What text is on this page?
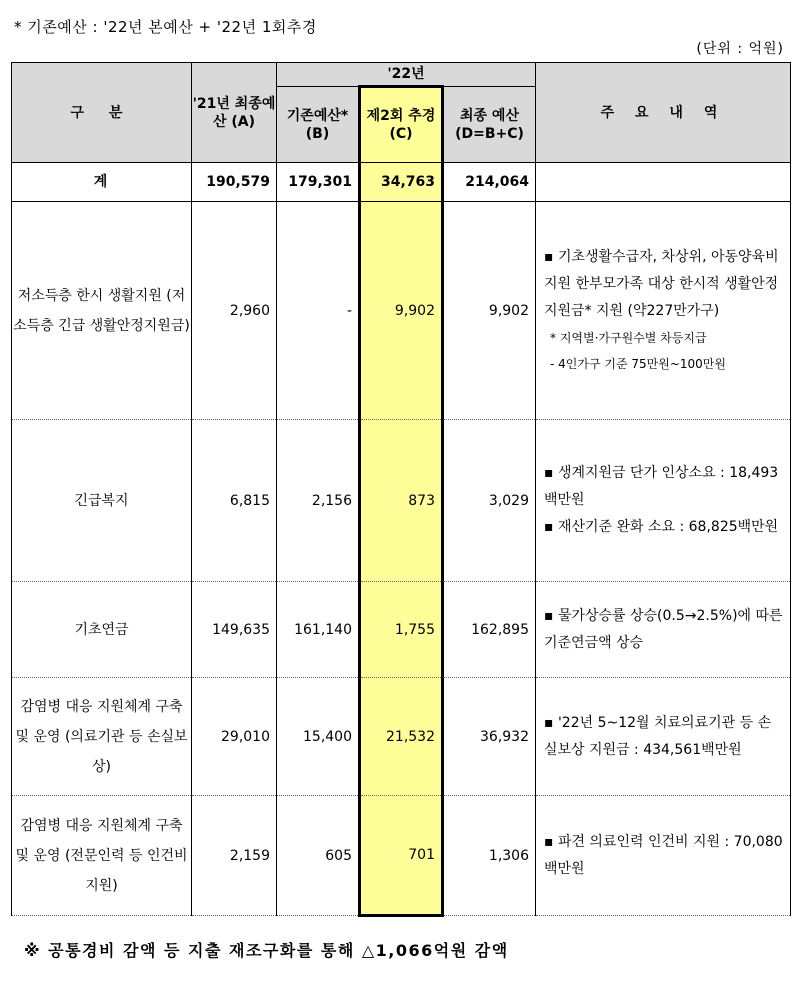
* 기존예산 : '22년 본예산 + '22년 1회추경
(단위 : 억원)
구 분	'21년 최종예산 (A)	'22년			주 요 내 역
		기존예산* (B)	제2회 추경 (C)	최종 예산 (D=B+C)	
계	190,579	179,301	34,763	214,064	
저소득층 한시 생활지원 (저소득층 긴급 생활안정지원금)	2,960	-	9,902	9,902	▪ 기초생활수급자, 차상위, 아동양육비지원 한부모가족 대상 한시적 생활안정 지원금* 지원 (약227만가구)
* 지역별·가구원수별 차등지급
- 4인가구 기준 75만원~100만원

긴급복지	6,815	2,156	873	3,029	▪ 생계지원금 단가 인상소요 : 18,493백만원
▪ 재산기준 완화 소요 : 68,825백만원

기초연금	149,635	161,140	1,755	162,895	▪ 물가상승률 상승(0.5→2.5%)에 따른 기준연금액 상승

감염병 대응 지원체계 구축 및 운영 (의료기관 등 손실보상)	29,010	15,400	21,532	36,932	▪ '22년 5~12월 치료의료기관 등 손실보상 지원금 : 434,561백만원

감염병 대응 지원체계 구축 및 운영 (전문인력 등 인건비 지원)	2,159	605	701	1,306	▪ 파견 의료인력 인건비 지원 : 70,080백만원
※ 공통경비 감액 등 지출 재조구화를 통해 △1,066억원 감액
